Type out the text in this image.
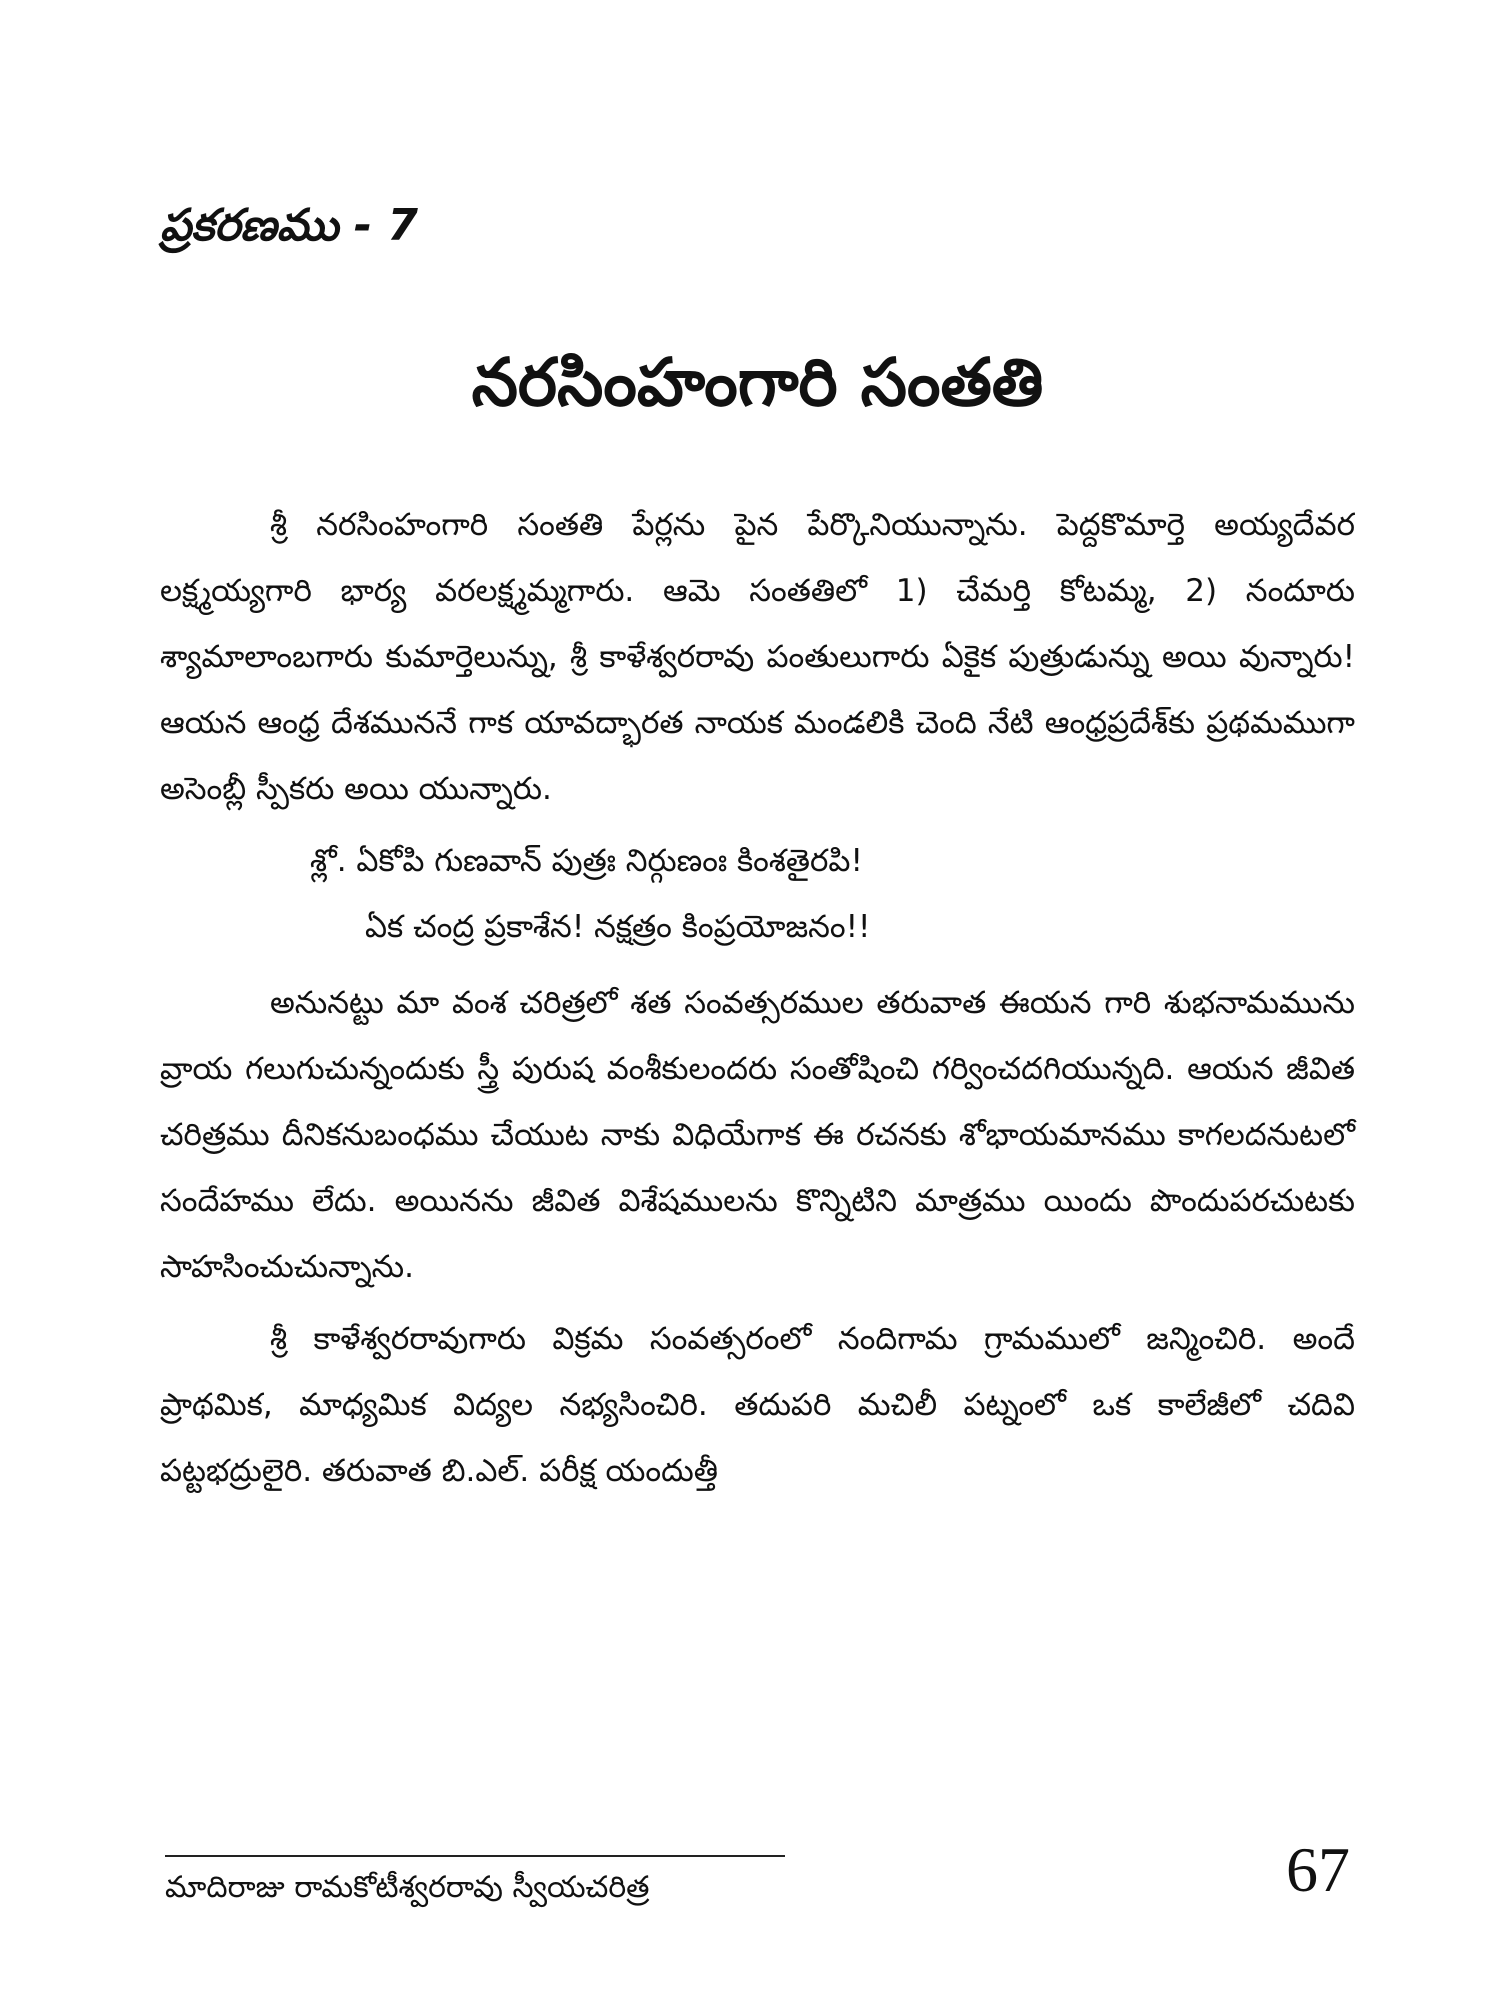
ప్రకరణము - 7
నరసింహంగారి సంతతి

శ్రీ నరసింహంగారి సంతతి పేర్లను పైన పేర్కొనియున్నాను. పెద్దకొమార్తె అయ్యదేవర లక్ష్మయ్యగారి భార్య వరలక్ష్మమ్మగారు. ఆమె సంతతిలో 1) చేమర్తి కోటమ్మ, 2) నందూరు శ్యామాలాంబగారు కుమార్తెలున్ను, శ్రీ కాళేశ్వరరావు పంతులుగారు ఏకైక పుత్రుడున్ను అయి వున్నారు! ఆయన ఆంధ్ర దేశముననే గాక యావద్భారత నాయక మండలికి చెంది నేటి ఆంధ్రప్రదేశ్‌కు ప్రథమముగా అసెంబ్లీ స్పీకరు అయి యున్నారు.

శ్లో. ఏకోపి గుణవాన్ పుత్రః నిర్గుణంః కింశతైరపి!

ఏక చంద్ర ప్రకాశేన! నక్షత్రం కింప్రయోజనం!!

అనునట్టు మా వంశ చరిత్రలో శత సంవత్సరముల తరువాత ఈయన గారి శుభనామమును వ్రాయ గలుగుచున్నందుకు స్త్రీ పురుష వంశీకులందరు సంతోషించి గర్వించదగియున్నది. ఆయన జీవిత చరిత్రము దీనికనుబంధము చేయుట నాకు విధియేగాక ఈ రచనకు శోభాయమానము కాగలదనుటలో సందేహము లేదు. అయినను జీవిత విశేషములను కొన్నిటిని మాత్రము యిందు పొందుపరచుటకు సాహసించుచున్నాను.

శ్రీ కాళేశ్వరరావుగారు విక్రమ సంవత్సరంలో నందిగామ గ్రామములో జన్మించిరి. అందే ప్రాథమిక, మాధ్యమిక విద్యల నభ్యసించిరి. తదుపరి మచిలీ పట్నంలో ఒక కాలేజీలో చదివి పట్టభద్రులైరి. తరువాత బి.ఎల్. పరీక్ష యందుత్తీ

మాదిరాజు రామకోటీశ్వరరావు స్వీయచరిత్ర	67
